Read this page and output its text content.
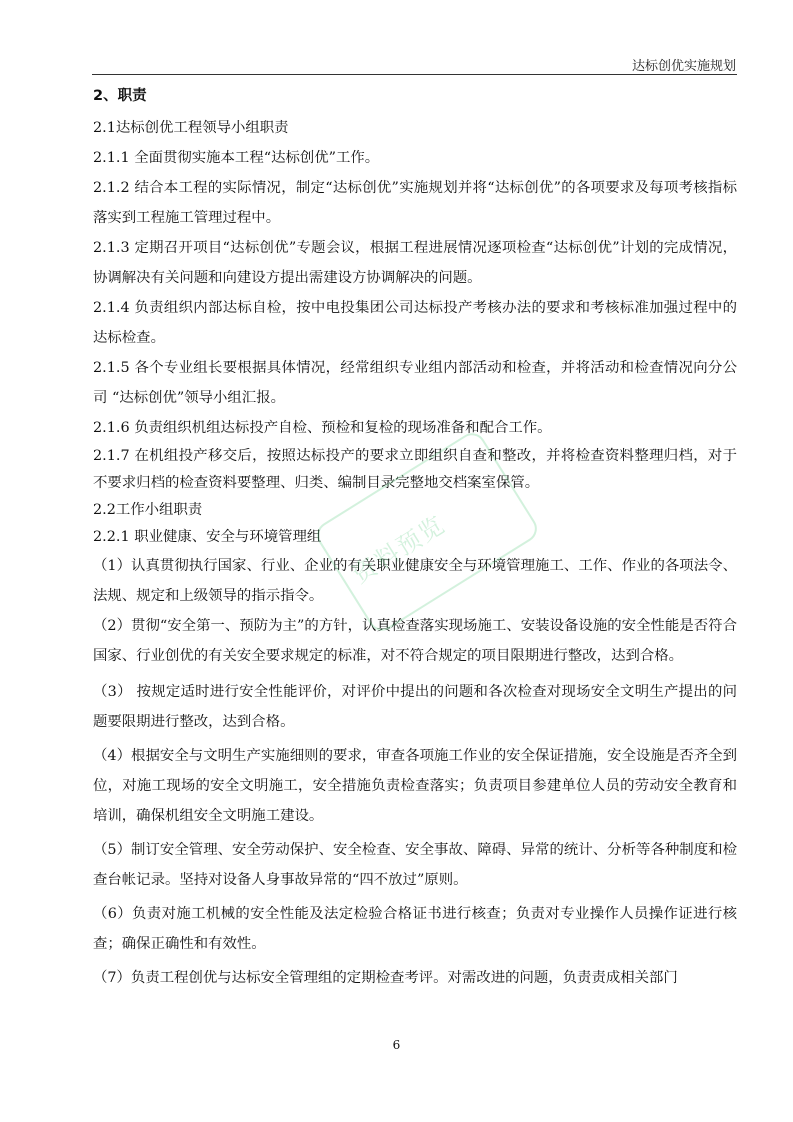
达标创优实施规划

2、职责

2.1达标创优工程领导小组职责

2.1.1 全面贯彻实施本工程“达标创优”工作。

2.1.2 结合本工程的实际情况，制定“达标创优”实施规划并将“达标创优”的各项要求及每项考核指标落实到工程施工管理过程中。

2.1.3 定期召开项目“达标创优”专题会议，根据工程进展情况逐项检查“达标创优”计划的完成情况，协调解决有关问题和向建设方提出需建设方协调解决的问题。

2.1.4 负责组织内部达标自检，按中电投集团公司达标投产考核办法的要求和考核标准加强过程中的达标检查。

2.1.5 各个专业组长要根据具体情况，经常组织专业组内部活动和检查，并将活动和检查情况向分公司 “达标创优”领导小组汇报。

2.1.6 负责组织机组达标投产自检、预检和复检的现场准备和配合工作。

2.1.7 在机组投产移交后，按照达标投产的要求立即组织自查和整改，并将检查资料整理归档，对于不要求归档的检查资料要整理、归类、编制目录完整地交档案室保管。

2.2工作小组职责

2.2.1 职业健康、安全与环境管理组

（1）认真贯彻执行国家、行业、企业的有关职业健康安全与环境管理施工、工作、作业的各项法令、法规、规定和上级领导的指示指令。

（2）贯彻“安全第一、预防为主”的方针，认真检查落实现场施工、安装设备设施的安全性能是否符合国家、行业创优的有关安全要求规定的标准，对不符合规定的项目限期进行整改，达到合格。

（3） 按规定适时进行安全性能评价，对评价中提出的问题和各次检查对现场安全文明生产提出的问题要限期进行整改，达到合格。

（4）根据安全与文明生产实施细则的要求，审查各项施工作业的安全保证措施，安全设施是否齐全到位，对施工现场的安全文明施工，安全措施负责检查落实；负责项目参建单位人员的劳动安全教育和培训，确保机组安全文明施工建设。

（5）制订安全管理、安全劳动保护、安全检查、安全事故、障碍、异常的统计、分析等各种制度和检查台帐记录。坚持对设备人身事故异常的“四不放过”原则。

（6）负责对施工机械的安全性能及法定检验合格证书进行核查；负责对专业操作人员操作证进行核查；确保正确性和有效性。

（7）负责工程创优与达标安全管理组的定期检查考评。对需改进的问题，负责责成相关部门

资料预览
6
